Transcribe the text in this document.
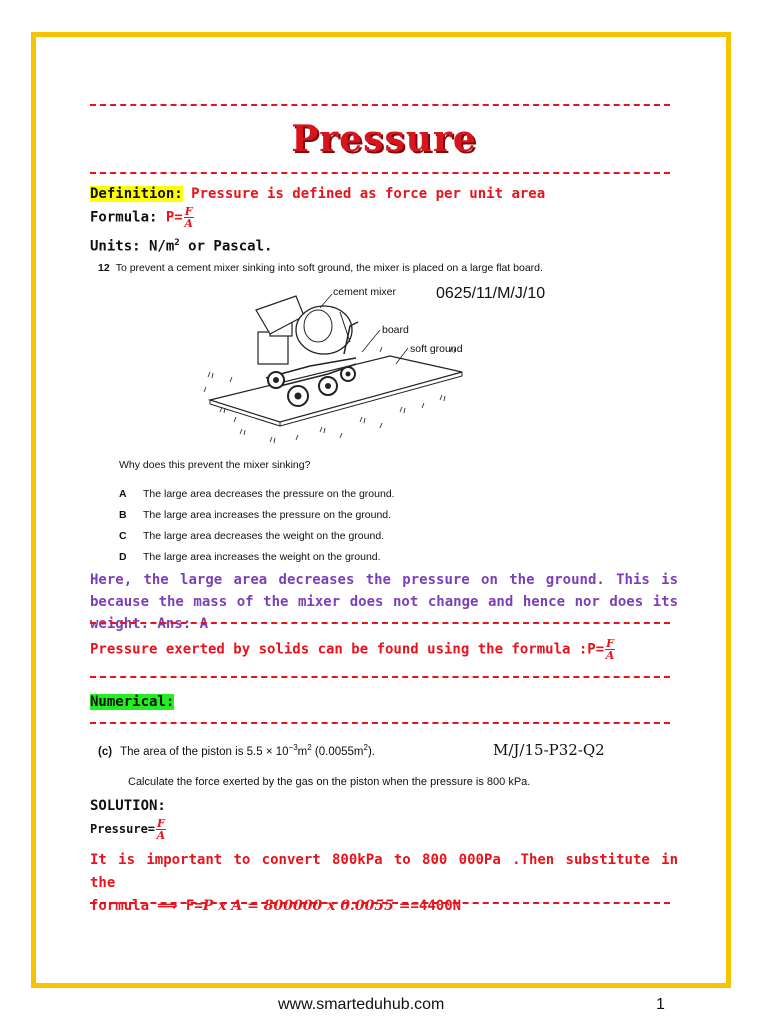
Pressure
Definition: Pressure is defined as force per unit area
Formula: $P= \frac{F}{A}$
Units: $N/m^2$ or Pascal.
12 To prevent a cement mixer sinking into soft ground, the mixer is placed on a large flat board.
0625/11/M/J/10
cement mixer
board
soft ground
Why does this prevent the mixer sinking?
A The large area decreases the pressure on the ground.
B The large area increases the pressure on the ground.
C The large area decreases the weight on the ground.
D The large area increases the weight on the ground.
Here, the large area decreases the pressure on the ground. This is because the mass of the mixer does not change and hence nor does its weight. Ans: A
Pressure exerted by solids can be found using the formula :P= $\frac{F}{A}$
Numerical:
(c) The area of the piston is $5.5 \times 10^{-3}m^2$ $(0.0055m^2)$.	M/J/15-P32-Q2
Calculate the force exerted by the gas on the piston when the pressure is 800 kPa.
SOLUTION:
Pressure= $\frac{F}{A}$
It is important to convert 800kPa to 800 000Pa .Then substitute in the
formula ⟹ F=P x A = 800000 x 0.0055 ==4400N
www.smarteduhub.com	1
